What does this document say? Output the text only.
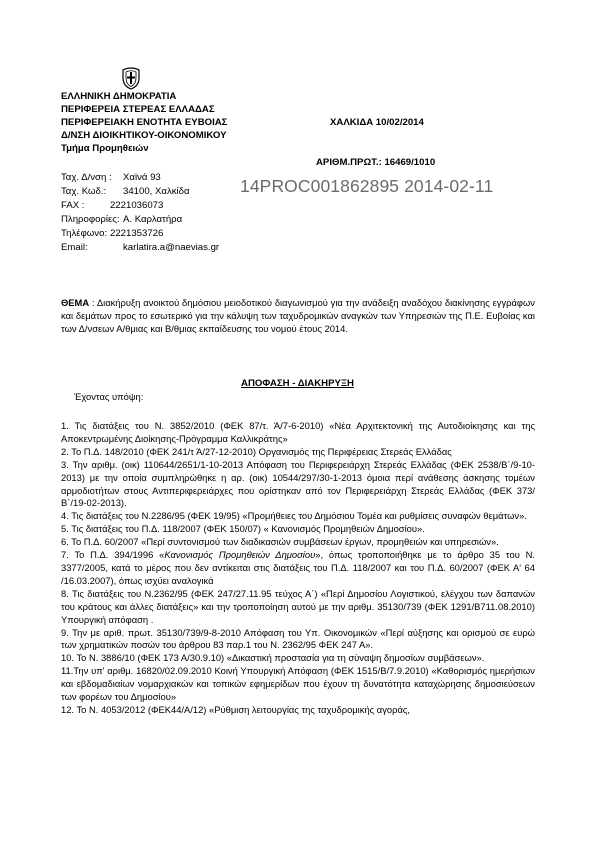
ΕΛΛΗΝΙΚΗ ΔΗΜΟΚΡΑΤΙΑ
ΠΕΡΙΦΕΡΕΙΑ ΣΤΕΡΕΑΣ ΕΛΛΑΔΑΣ
ΠΕΡΙΦΕΡΕΙΑΚΗ ΕΝΟΤΗΤΑ ΕΥΒΟΙΑΣ
Δ/ΝΣΗ ΔΙΟΙΚΗΤΙΚΟΥ-ΟΙΚΟΝΟΜΙΚΟΥ
Τμήμα Προμηθειών
ΧΑΛΚΙΔΑ 10/02/2014
ΑΡΙΘΜ.ΠΡΩΤ.: 16469/1010
14PROC001862895 2014-02-11
Ταχ. Δ/νση : Χαϊνά 93
Ταχ. Κωδ.: 34100, Χαλκίδα
FAX :	2221036073
Πληροφορίες: Α. Καρλατήρα
Τηλέφωνο: 2221353726
Email:	karlatira.a@naevias.gr
ΘΕΜΑ : Διακήρυξη ανοικτού δημόσιου μειοδοτικού διαγωνισμού για την ανάδειξη αναδόχου διακίνησης εγγράφων και δεμάτων προς το εσωτερικό για την κάλυψη των ταχυδρομικών αναγκών των Υπηρεσιών της Π.Ε. Ευβοίας και των Δ/νσεων Α/θμιας και Β/θμιας εκπαίδευσης του νομού έτους 2014.
ΑΠΟΦΑΣΗ - ΔΙΑΚΗΡΥΞΗ
Έχοντας υπόψη:

1. Τις διατάξεις του Ν. 3852/2010 (ΦΕΚ 87/τ. Ά/7-6-2010) «Νέα Αρχιτεκτονική της Αυτοδιοίκησης και της Αποκεντρωμένης Διοίκησης-Πρόγραμμα Καλλικράτης»

2. Το Π.Δ. 148/2010 (ΦΕΚ 241/τ Ά/27-12-2010) Οργανισμός της Περιφέρειας Στερεάς Ελλάδας

3. Την αριθμ. (οικ) 110644/2651/1-10-2013 Απόφαση του Περιφερειάρχη Στερεάς Ελλάδας (ΦΕΚ 2538/Β΄/9-10-2013) με την οποία συμπληρώθηκε η αρ. (οικ) 10544/297/30-1-2013 όμοια περί ανάθεσης άσκησης τομέων αρμοδιοτήτων στους Αντιπεριφερειάρχες που ορίστηκαν από τον Περιφερειάρχη Στερεάς Ελλάδας (ΦΕΚ 373/Β΄/19-02-2013).

4. Τις διατάξεις του Ν.2286/95 (ΦΕΚ 19/95) «Προμήθειες του Δημόσιου Τομέα και ρυθμίσεις συναφών θεμάτων».

5. Τις διατάξεις του Π.Δ. 118/2007 (ΦΕΚ 150/07) « Κανονισμός Προμηθειών Δημοσίου».

6. Το Π.Δ. 60/2007 «Περί συντονισμού των διαδικασιών συμβάσεων έργων, προμηθειών και υπηρεσιών».

7. Το Π.Δ. 394/1996 «Κανονισμός Προμηθειών Δημοσίου», όπως τροποποιήθηκε με το άρθρο 35 του Ν. 3377/2005, κατά το μέρος που δεν αντίκειται στις διατάξεις του Π.Δ. 118/2007 και του Π.Δ. 60/2007 (ΦΕΚ Α' 64 /16.03.2007), όπως ισχύει αναλογικά

8. Τις διατάξεις του Ν.2362/95 (ΦΕΚ 247/27.11.95 τεύχος Α΄) «Περί Δημοσίου Λογιστικού, ελέγχου των δαπανών του κράτους και άλλες διατάξεις» και την τροποποίηση αυτού με την αριθμ. 35130/739 (ΦΕΚ 1291/Β711.08.2010) Υπουργική απόφαση .

9. Την με αριθ. πρωτ. 35130/739/9-8-2010 Απόφαση του Υπ. Οικονομικών «Περί αύξησης και ορισμού σε ευρώ των χρηματικών ποσών του άρθρου 83 παρ.1 του Ν. 2362/95 ΦΕΚ 247 Α».

10. Το Ν. 3886/10 (ΦΕΚ 173 Α/30.9.10) «Δικαστική προστασία για τη σύναψη δημοσίων συμβάσεων».

11.Την υπ' αριθμ. 16820/02.09.2010 Κοινή Υπουργική Απόφαση (ΦΕΚ 1515/Β/7.9.2010) «Καθορισμός ημερήσιων και εβδομαδιαίων νομαρχιακών και τοπικών εφημερίδων που έχουν τη δυνατότητα καταχώρησης δημοσιεύσεων των φορέων του Δημοσίου»

12. Το Ν. 4053/2012 (ΦΕΚ44/Α/12) «Ρύθμιση λειτουργίας της ταχυδρομικής αγοράς,
